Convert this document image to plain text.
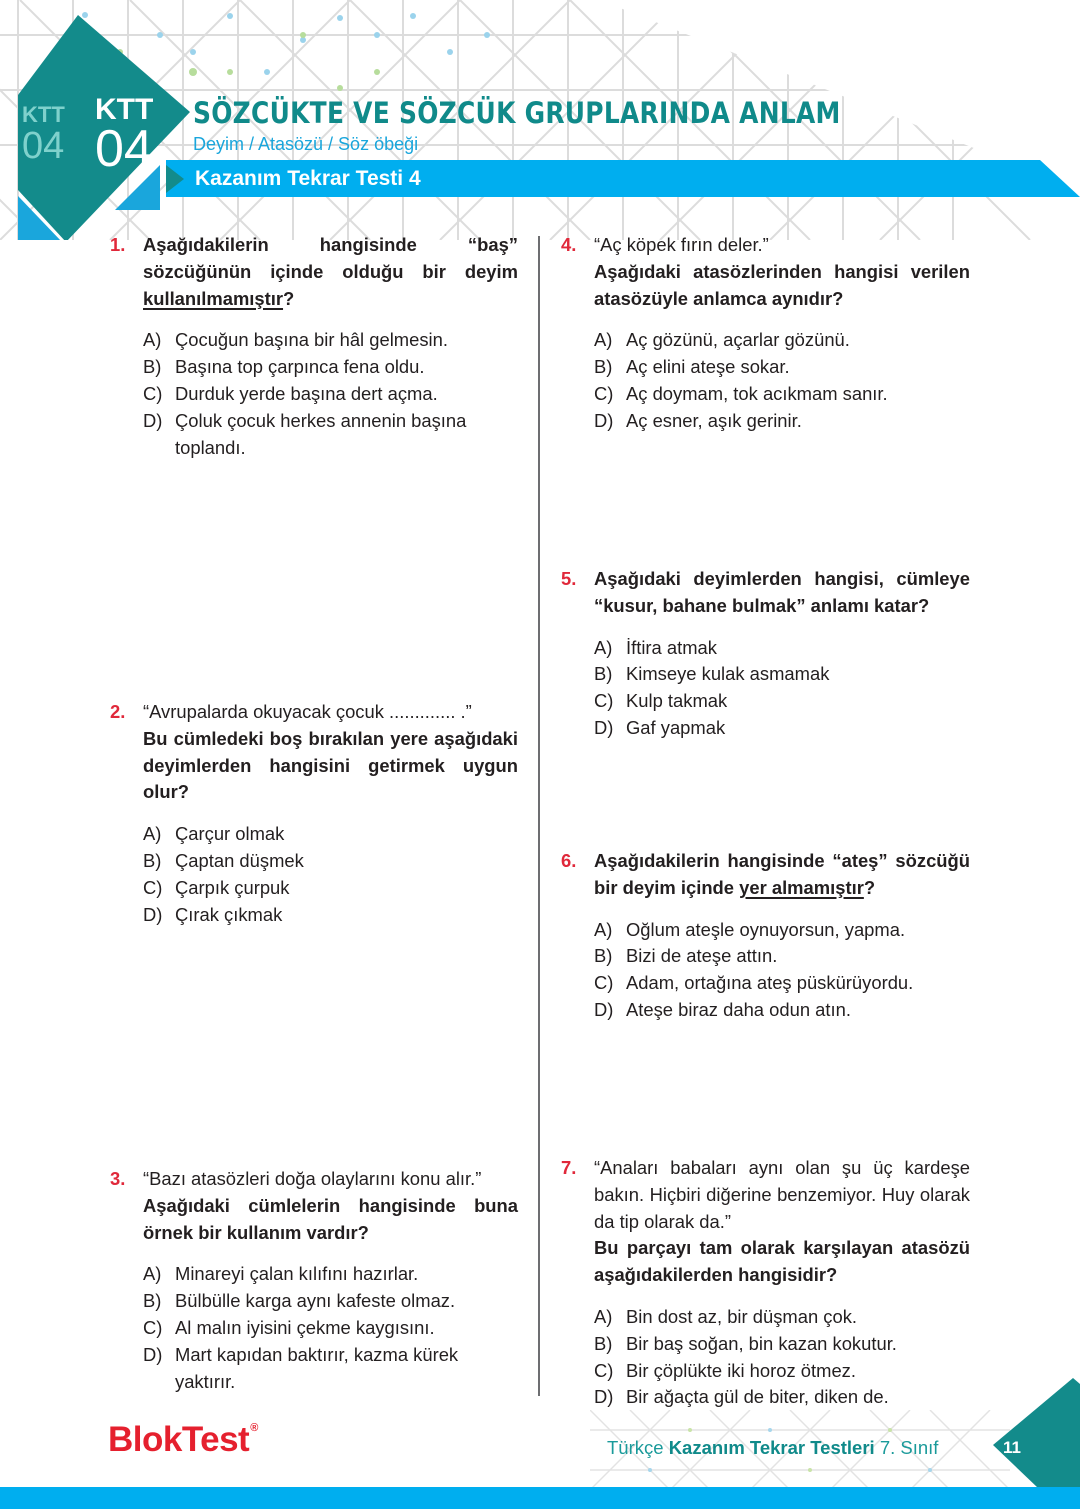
KTT
04
KTT
04
SÖZCÜKTE VE SÖZCÜK GRUPLARINDA ANLAM
Deyim / Atasözü / Söz öbeği
Kazanım Tekrar Testi 4
1. Aşağıdakilerin hangisinde “baş” sözcüğünün içinde olduğu bir deyim kullanılmamıştır?
A) Çocuğun başına bir hâl gelmesin.
B) Başına top çarpınca fena oldu.
C) Durduk yerde başına dert açma.
D) Çoluk çocuk herkes annenin başına toplandı.
2. “Avrupalarda okuyacak çocuk ............. .”
Bu cümledeki boş bırakılan yere aşağıdaki deyimlerden hangisini getirmek uygun olur?
A) Çarçur olmak
B) Çaptan düşmek
C) Çarpık çurpuk
D) Çırak çıkmak
3. “Bazı atasözleri doğa olaylarını konu alır.”
Aşağıdaki cümlelerin hangisinde buna örnek bir kullanım vardır?
A) Minareyi çalan kılıfını hazırlar.
B) Bülbülle karga aynı kafeste olmaz.
C) Al malın iyisini çekme kaygısını.
D) Mart kapıdan baktırır, kazma kürek yaktırır.
4. “Aç köpek fırın deler.”
Aşağıdaki atasözlerinden hangisi verilen atasözüyle anlamca aynıdır?
A) Aç gözünü, açarlar gözünü.
B) Aç elini ateşe sokar.
C) Aç doymam, tok acıkmam sanır.
D) Aç esner, aşık gerinir.
5. Aşağıdaki deyimlerden hangisi, cümleye “kusur, bahane bulmak” anlamı katar?
A) İftira atmak
B) Kimseye kulak asmamak
C) Kulp takmak
D) Gaf yapmak
6. Aşağıdakilerin hangisinde “ateş” sözcüğü bir deyim içinde yer almamıştır?
A) Oğlum ateşle oynuyorsun, yapma.
B) Bizi de ateşe attın.
C) Adam, ortağına ateş püskürüyordu.
D) Ateşe biraz daha odun atın.
7. “Anaları babaları aynı olan şu üç kardeşe bakın. Hiçbiri diğerine benzemiyor. Huy olarak da tip olarak da.”
Bu parçayı tam olarak karşılayan atasözü aşağıdakilerden hangisidir?
A) Bin dost az, bir düşman çok.
B) Bir baş soğan, bin kazan kokutur.
C) Bir çöplükte iki horoz ötmez.
D) Bir ağaçta gül de biter, diken de.
BlokTest®
Türkçe Kazanım Tekrar Testleri 7. Sınıf	11
